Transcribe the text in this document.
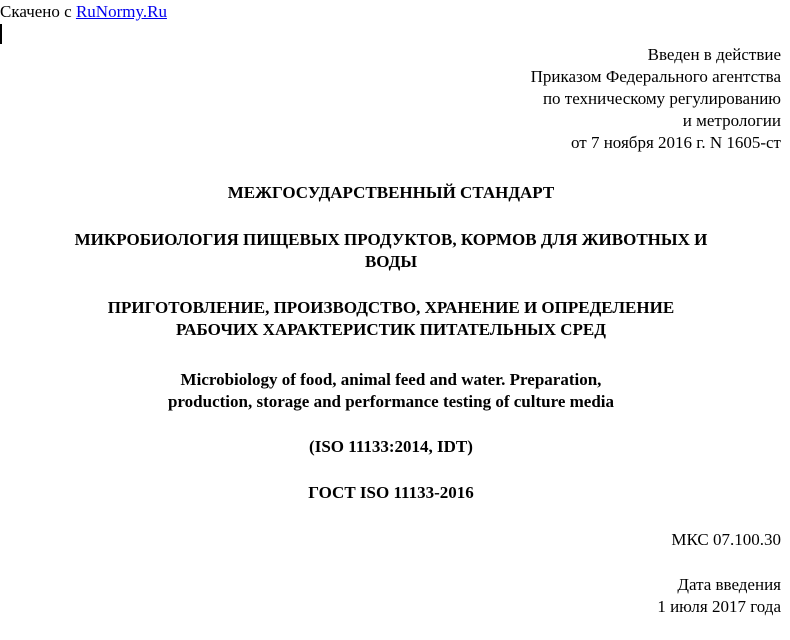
Скачено с RuNormy.Ru
Введен в действие
Приказом Федерального агентства
по техническому регулированию
и метрологии
от 7 ноября 2016 г. N 1605-ст
МЕЖГОСУДАРСТВЕННЫЙ СТАНДАРТ
МИКРОБИОЛОГИЯ ПИЩЕВЫХ ПРОДУКТОВ, КОРМОВ ДЛЯ ЖИВОТНЫХ И
ВОДЫ
ПРИГОТОВЛЕНИЕ, ПРОИЗВОДСТВО, ХРАНЕНИЕ И ОПРЕДЕЛЕНИЕ
РАБОЧИХ ХАРАКТЕРИСТИК ПИТАТЕЛЬНЫХ СРЕД
Microbiology of food, animal feed and water. Preparation,
production, storage and performance testing of culture media
(ISO 11133:2014, IDT)
ГОСТ ISO 11133-2016
МКС 07.100.30
Дата введения
1 июля 2017 года
